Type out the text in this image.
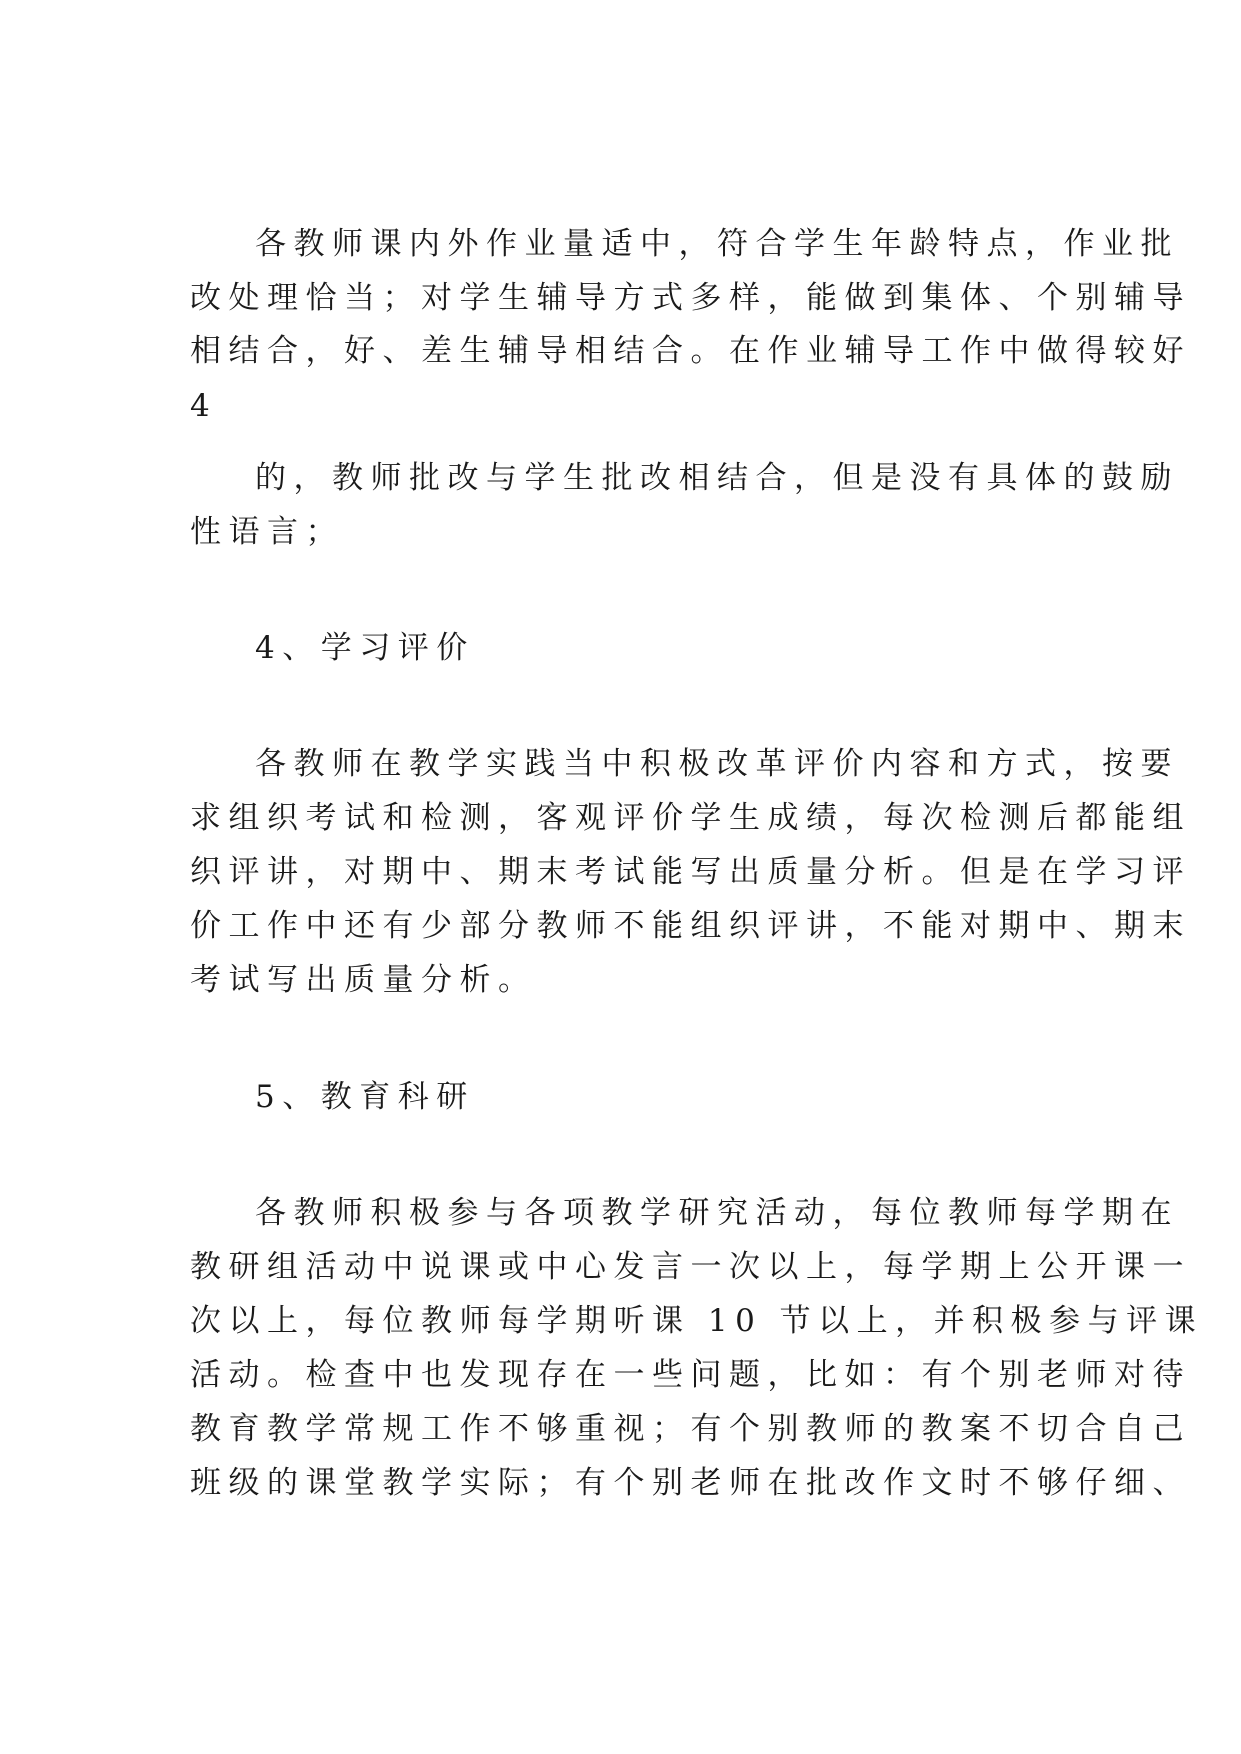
各教师课内外作业量适中，符合学生年龄特点，作业批
改处理恰当；对学生辅导方式多样，能做到集体、个别辅导
相结合，好、差生辅导相结合。在作业辅导工作中做得较好
4
的，教师批改与学生批改相结合，但是没有具体的鼓励
性语言；
4、学习评价
各教师在教学实践当中积极改革评价内容和方式，按要
求组织考试和检测，客观评价学生成绩，每次检测后都能组
织评讲，对期中、期末考试能写出质量分析。但是在学习评
价工作中还有少部分教师不能组织评讲，不能对期中、期末
考试写出质量分析。
5、教育科研
各教师积极参与各项教学研究活动，每位教师每学期在
教研组活动中说课或中心发言一次以上，每学期上公开课一
次以上，每位教师每学期听课 10 节以上，并积极参与评课
活动。检查中也发现存在一些问题，比如：有个别老师对待
教育教学常规工作不够重视；有个别教师的教案不切合自己
班级的课堂教学实际；有个别老师在批改作文时不够仔细、
